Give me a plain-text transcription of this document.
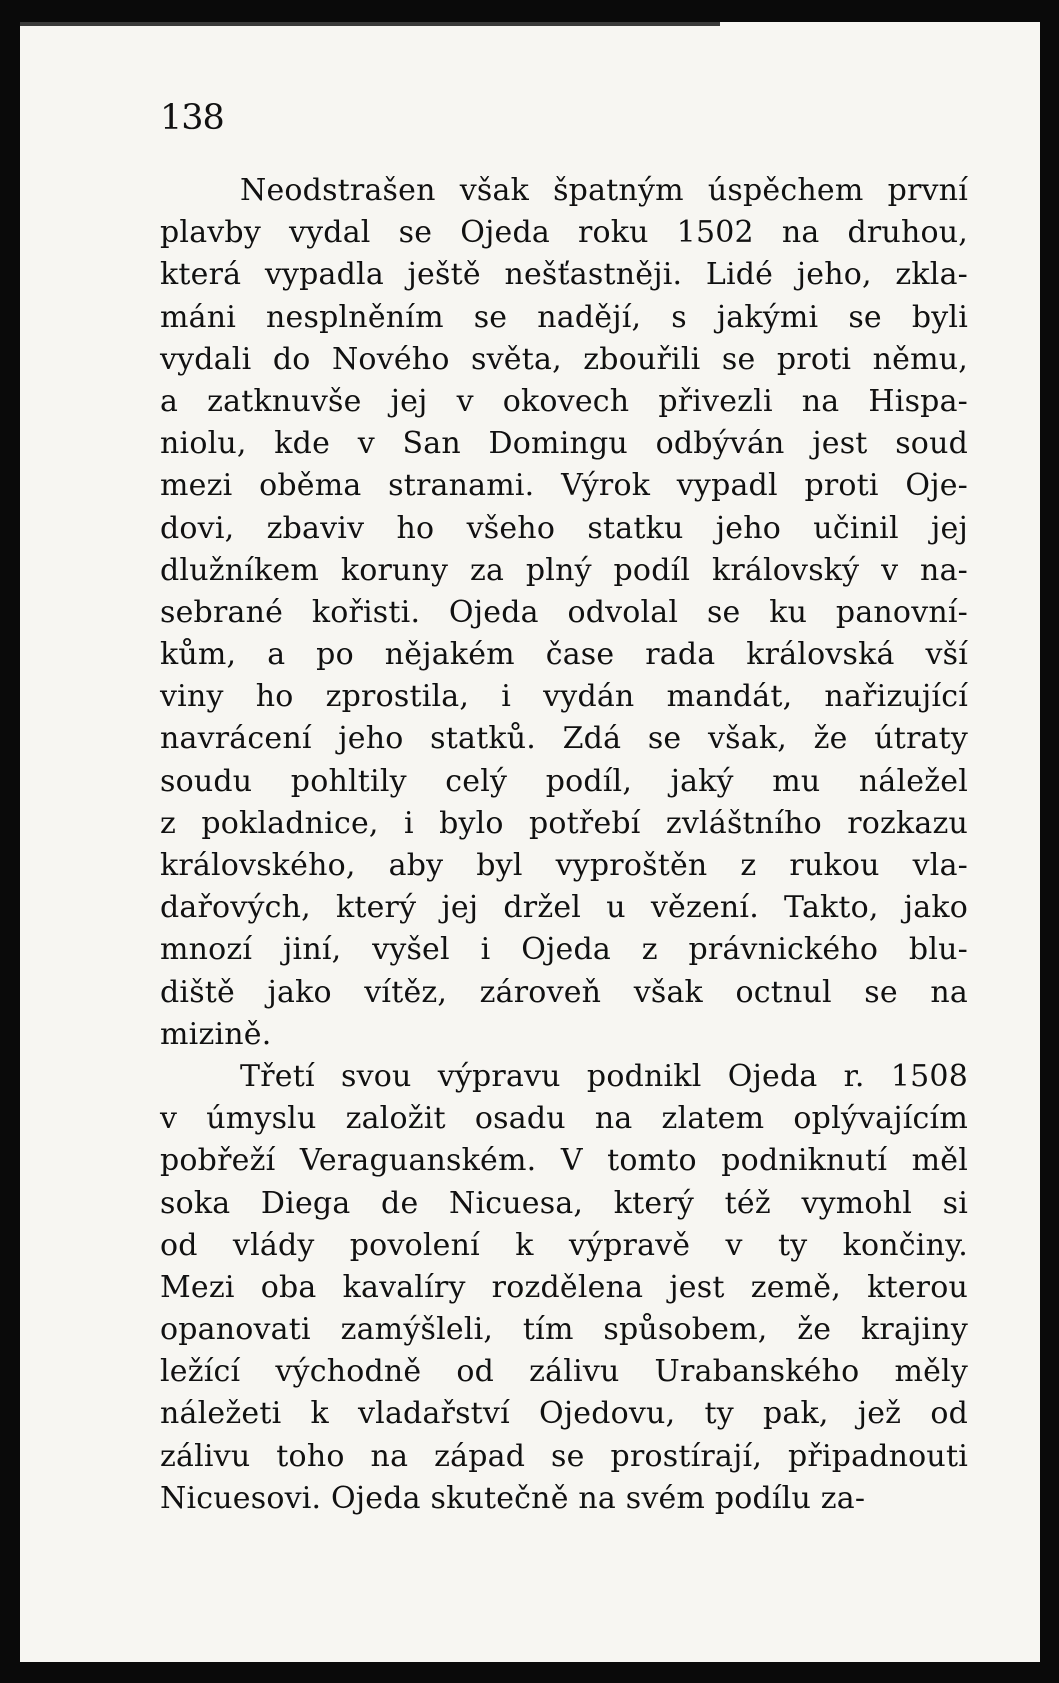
138
Neodstrašen však špatným úspěchem první
plavby vydal se Ojeda roku 1502 na druhou,
která vypadla ještě nešťastněji. Lidé jeho, zkla-
máni nesplněním se nadějí, s jakými se byli
vydali do Nového světa, zbouřili se proti němu,
a zatknuvše jej v okovech přivezli na Hispa-
niolu, kde v San Domingu odbýván jest soud
mezi oběma stranami. Výrok vypadl proti Oje-
dovi, zbaviv ho všeho statku jeho učinil jej
dlužníkem koruny za plný podíl královský v na-
sebrané kořisti. Ojeda odvolal se ku panovní-
kům, a po nějakém čase rada královská vší
viny ho zprostila, i vydán mandát, nařizující
navrácení jeho statků. Zdá se však, že útraty
soudu pohltily celý podíl, jaký mu náležel
z pokladnice, i bylo potřebí zvláštního rozkazu
královského, aby byl vyproštěn z rukou vla-
dařových, který jej držel u vězení. Takto, jako
mnozí jiní, vyšel i Ojeda z právnického blu-
diště jako vítěz, zároveň však octnul se na
mizině.
Třetí svou výpravu podnikl Ojeda r. 1508
v úmyslu založit osadu na zlatem oplývajícím
pobřeží Veraguanském. V tomto podniknutí měl
soka Diega de Nicuesa, který též vymohl si
od vlády povolení k výpravě v ty končiny.
Mezi oba kavalíry rozdělena jest země, kterou
opanovati zamýšleli, tím spůsobem, že krajiny
ležící východně od zálivu Urabanského měly
náležeti k vladařství Ojedovu, ty pak, jež od
zálivu toho na západ se prostírají, připadnouti
Nicuesovi. Ojeda skutečně na svém podílu za-
